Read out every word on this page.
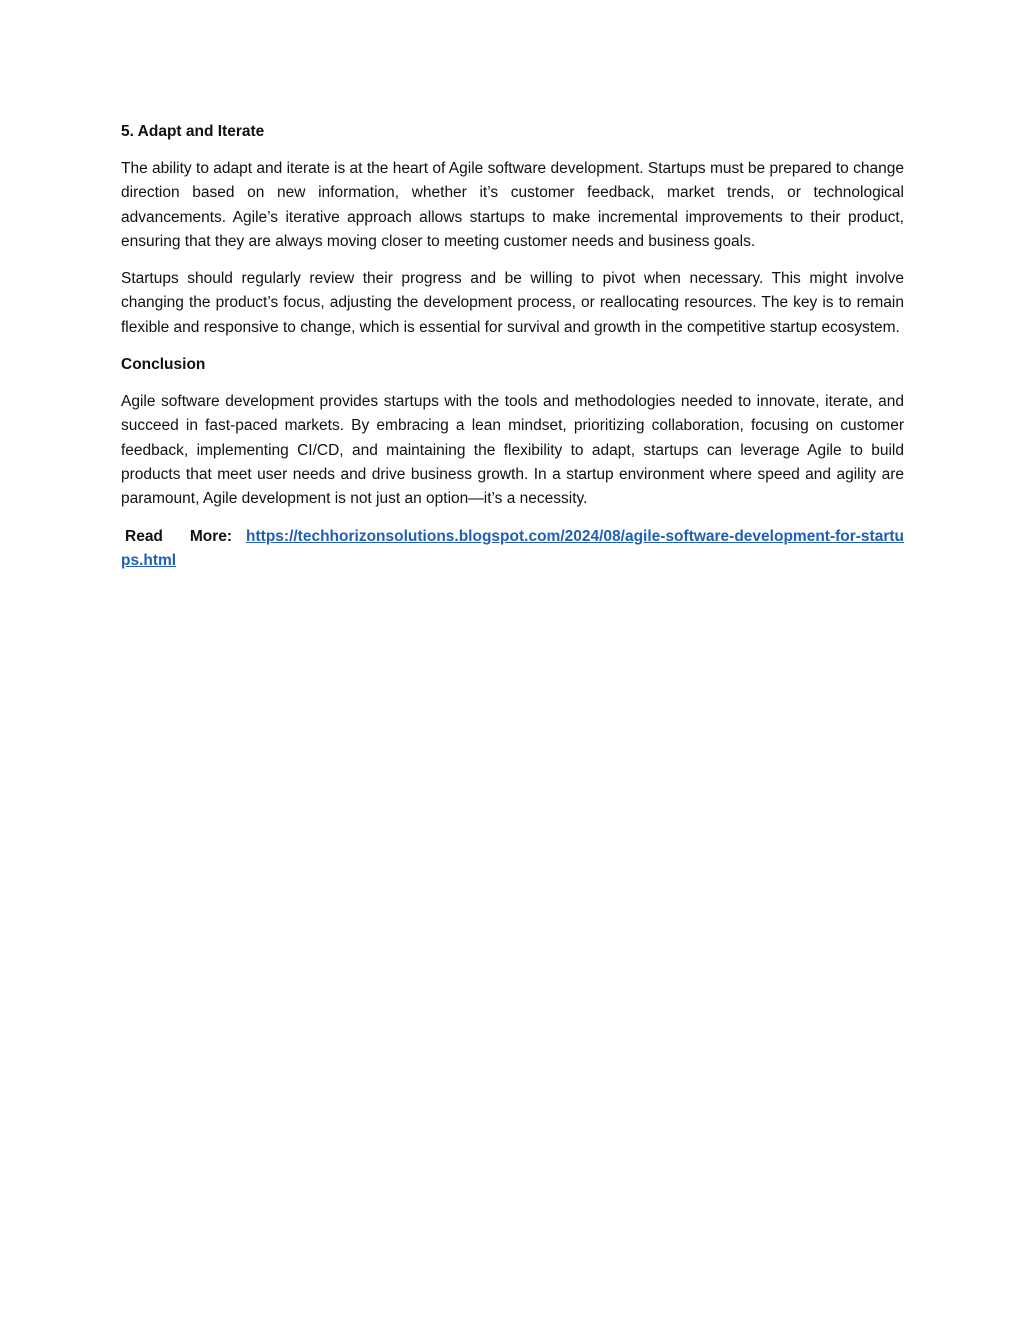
5. Adapt and Iterate

The ability to adapt and iterate is at the heart of Agile software development. Startups must be prepared to change direction based on new information, whether it’s customer feedback, market trends, or technological advancements. Agile’s iterative approach allows startups to make incremental improvements to their product, ensuring that they are always moving closer to meeting customer needs and business goals.

Startups should regularly review their progress and be willing to pivot when necessary. This might involve changing the product’s focus, adjusting the development process, or reallocating resources. The key is to remain flexible and responsive to change, which is essential for survival and growth in the competitive startup ecosystem.

Conclusion

Agile software development provides startups with the tools and methodologies needed to innovate, iterate, and succeed in fast-paced markets. By embracing a lean mindset, prioritizing collaboration, focusing on customer feedback, implementing CI/CD, and maintaining the flexibility to adapt, startups can leverage Agile to build products that meet user needs and drive business growth. In a startup environment where speed and agility are paramount, Agile development is not just an option—it’s a necessity.

Read More: https://techhorizonsolutions.blogspot.com/2024/08/agile-software-development-for-startups.html
